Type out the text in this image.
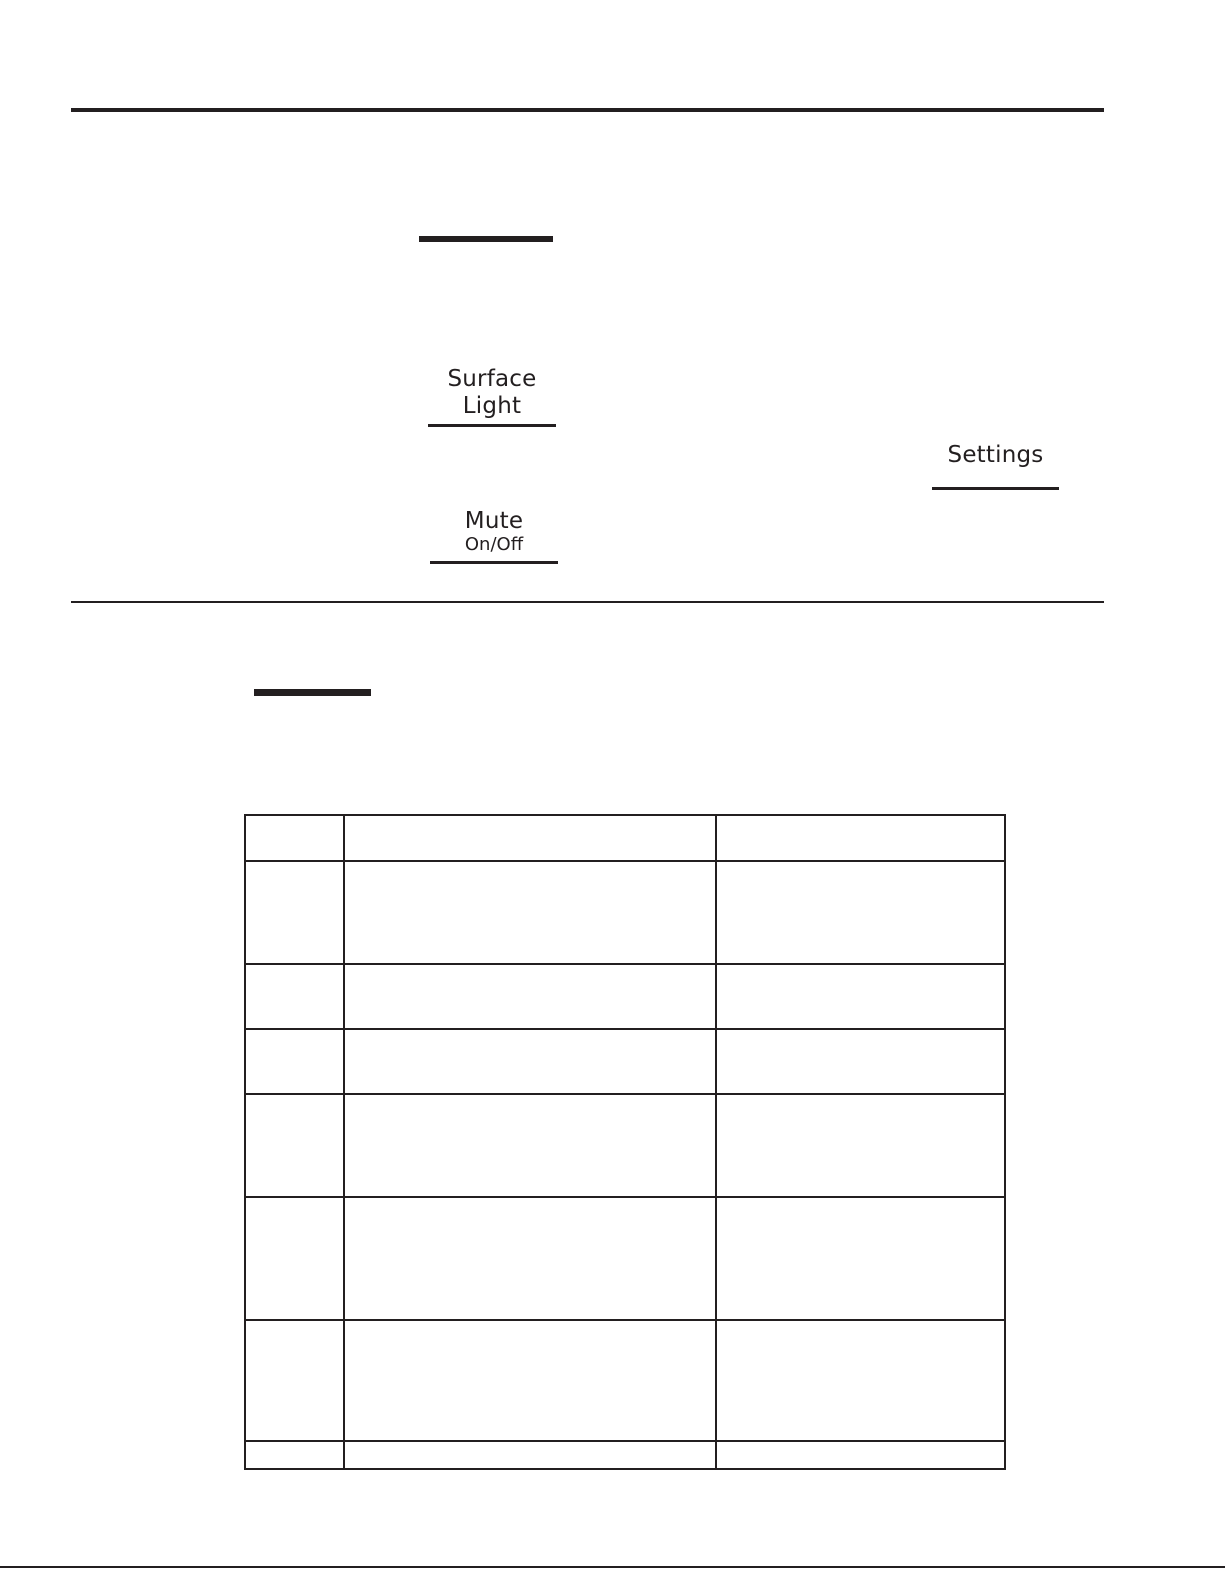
Surface
Light
Settings
Mute
On/Off
